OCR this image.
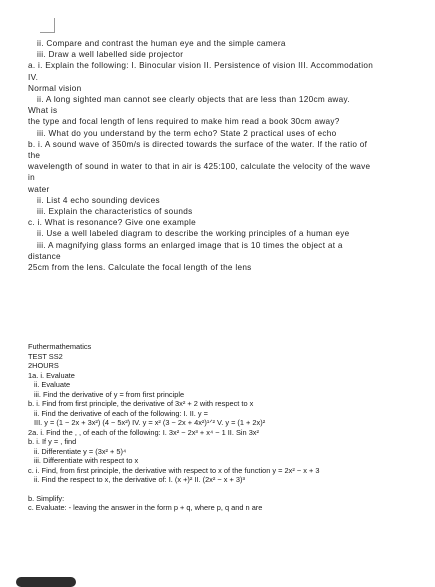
ii. Compare and contrast the human eye and the simple camera
iii. Draw a well labelled side projector
a. i. Explain the following: I. Binocular vision II. Persistence of vision III. Accommodation
IV.
Normal vision
ii. A long sighted man cannot see clearly objects that are less than 120cm away.
What is
the type and focal length of lens required to make him read a book 30cm away?
iii. What do you understand by the term echo? State 2 practical uses of echo
b. i. A sound wave of 350m/s is directed towards the surface of the water. If the ratio of
the
wavelength of sound in water to that in air is 425:100, calculate the velocity of the wave
in
water
ii. List 4 echo sounding devices
iii. Explain the characteristics of sounds
c. i. What is resonance? Give one example
ii. Use a well labeled diagram to describe the working principles of a human eye
iii. A magnifying glass forms an enlarged image that is 10 times the object at a
distance
25cm from the lens. Calculate the focal length of the lens
Futhermathematics
TEST SS2
2HOURS
1a. i. Evaluate
ii. Evaluate
iii. Find the derivative of y = from first principle
b. i. Find from first principle, the derivative of 3x² + 2 with respect to x
ii. Find the derivative of each of the following: I. II. y =
III. y = (1 − 2x + 3x²) (4 − 5x²) IV. y = x² (3 − 2x + 4x²)¹ᐟ² V. y = (1 + 2x)²
2a. i. Find the , , of each of the following: I. 3x² − 2x³ + x⁴ − 1 II. Sin 3x²
b. i. If y = , find
ii. Differentiate y = (3x² + 5)⁴
iii. Differentiate with respect to x
c. i. Find, from first principle, the derivative with respect to x of the function y = 2x² − x + 3
ii. Find the respect to x, the derivative of: I. (x +)² II. (2x² − x + 3)³
b. Simplify:
c. Evaluate: - leaving the answer in the form p + q, where p, q and n are
